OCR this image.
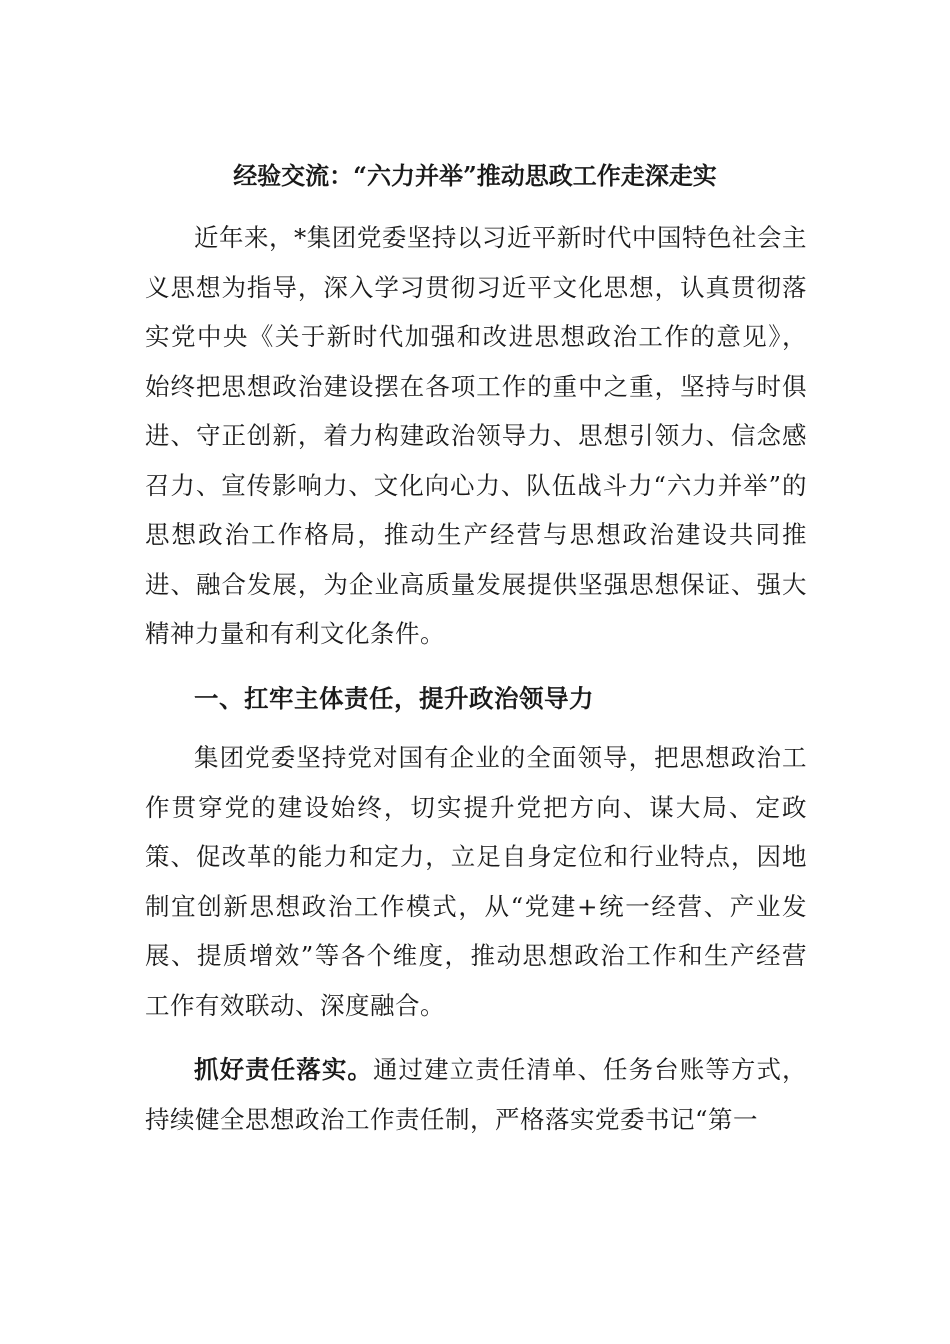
经验交流：“六力并举”推动思政工作走深走实

近年来，*集团党委坚持以习近平新时代中国特色社会主义思想为指导，深入学习贯彻习近平文化思想，认真贯彻落实党中央《关于新时代加强和改进思想政治工作的意见》，始终把思想政治建设摆在各项工作的重中之重，坚持与时俱进、守正创新，着力构建政治领导力、思想引领力、信念感召力、宣传影响力、文化向心力、队伍战斗力“六力并举”的思想政治工作格局，推动生产经营与思想政治建设共同推进、融合发展，为企业高质量发展提供坚强思想保证、强大精神力量和有利文化条件。

一、扛牢主体责任，提升政治领导力

集团党委坚持党对国有企业的全面领导，把思想政治工作贯穿党的建设始终，切实提升党把方向、谋大局、定政策、促改革的能力和定力，立足自身定位和行业特点，因地制宜创新思想政治工作模式，从“党建+统一经营、产业发展、提质增效”等各个维度，推动思想政治工作和生产经营工作有效联动、深度融合。

抓好责任落实。通过建立责任清单、任务台账等方式，持续健全思想政治工作责任制，严格落实党委书记“第一
